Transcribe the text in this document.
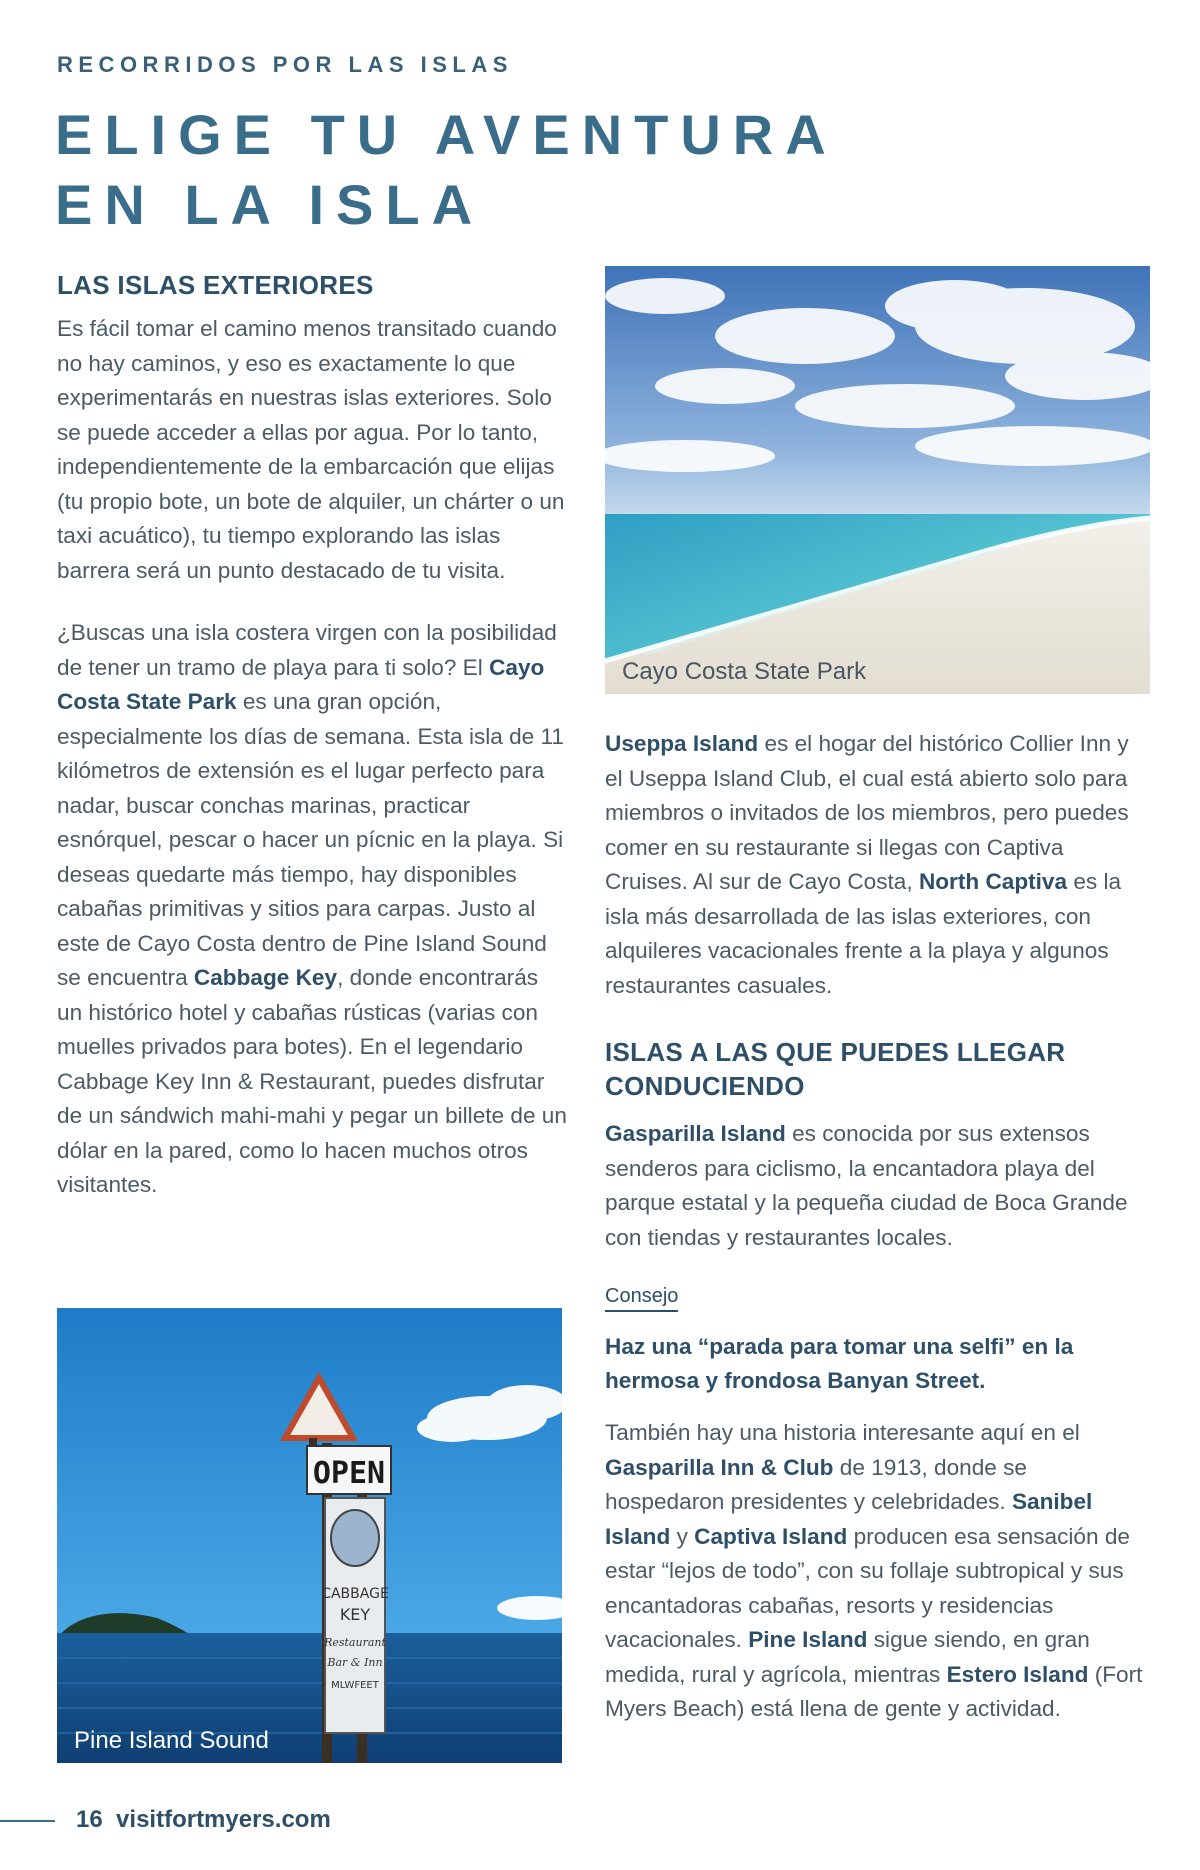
RECORRIDOS POR LAS ISLAS
ELIGE TU AVENTURA
EN LA ISLA
LAS ISLAS EXTERIORES

Es fácil tomar el camino menos transitado cuando no hay caminos, y eso es exactamente lo que experimentarás en nuestras islas exteriores. Solo se puede acceder a ellas por agua. Por lo tanto, independientemente de la embarcación que elijas (tu propio bote, un bote de alquiler, un chárter o un taxi acuático), tu tiempo explorando las islas barrera será un punto destacado de tu visita.

¿Buscas una isla costera virgen con la posibilidad de tener un tramo de playa para ti solo? El Cayo Costa State Park es una gran opción, especialmente los días de semana. Esta isla de 11 kilómetros de extensión es el lugar perfecto para nadar, buscar conchas marinas, practicar esnórquel, pescar o hacer un pícnic en la playa. Si deseas quedarte más tiempo, hay disponibles cabañas primitivas y sitios para carpas. Justo al este de Cayo Costa dentro de Pine Island Sound se encuentra Cabbage Key, donde encontrarás un histórico hotel y cabañas rústicas (varias con muelles privados para botes). En el legendario Cabbage Key Inn & Restaurant, puedes disfrutar de un sándwich mahi-mahi y pegar un billete de un dólar en la pared, como lo hacen muchos otros visitantes.

Cayo Costa State Park

Useppa Island es el hogar del histórico Collier Inn y el Useppa Island Club, el cual está abierto solo para miembros o invitados de los miembros, pero puedes comer en su restaurante si llegas con Captiva Cruises. Al sur de Cayo Costa, North Captiva es la isla más desarrollada de las islas exteriores, con alquileres vacacionales frente a la playa y algunos restaurantes casuales.

ISLAS A LAS QUE PUEDES LLEGAR CONDUCIENDO

Gasparilla Island es conocida por sus extensos senderos para ciclismo, la encantadora playa del parque estatal y la pequeña ciudad de Boca Grande con tiendas y restaurantes locales.

Consejo

Haz una “parada para tomar una selfi” en la hermosa y frondosa Banyan Street.

También hay una historia interesante aquí en el Gasparilla Inn & Club de 1913, donde se hospedaron presidentes y celebridades. Sanibel Island y Captiva Island producen esa sensación de estar “lejos de todo”, con su follaje subtropical y sus encantadoras cabañas, resorts y residencias vacacionales. Pine Island sigue siendo, en gran medida, rural y agrícola, mientras Estero Island (Fort Myers Beach) está llena de gente y actividad.

OPEN
CABBAGE
KEY
Restaurant
Bar & Inn
MLWFEET
Pine Island Sound
16 visitfortmyers.com
